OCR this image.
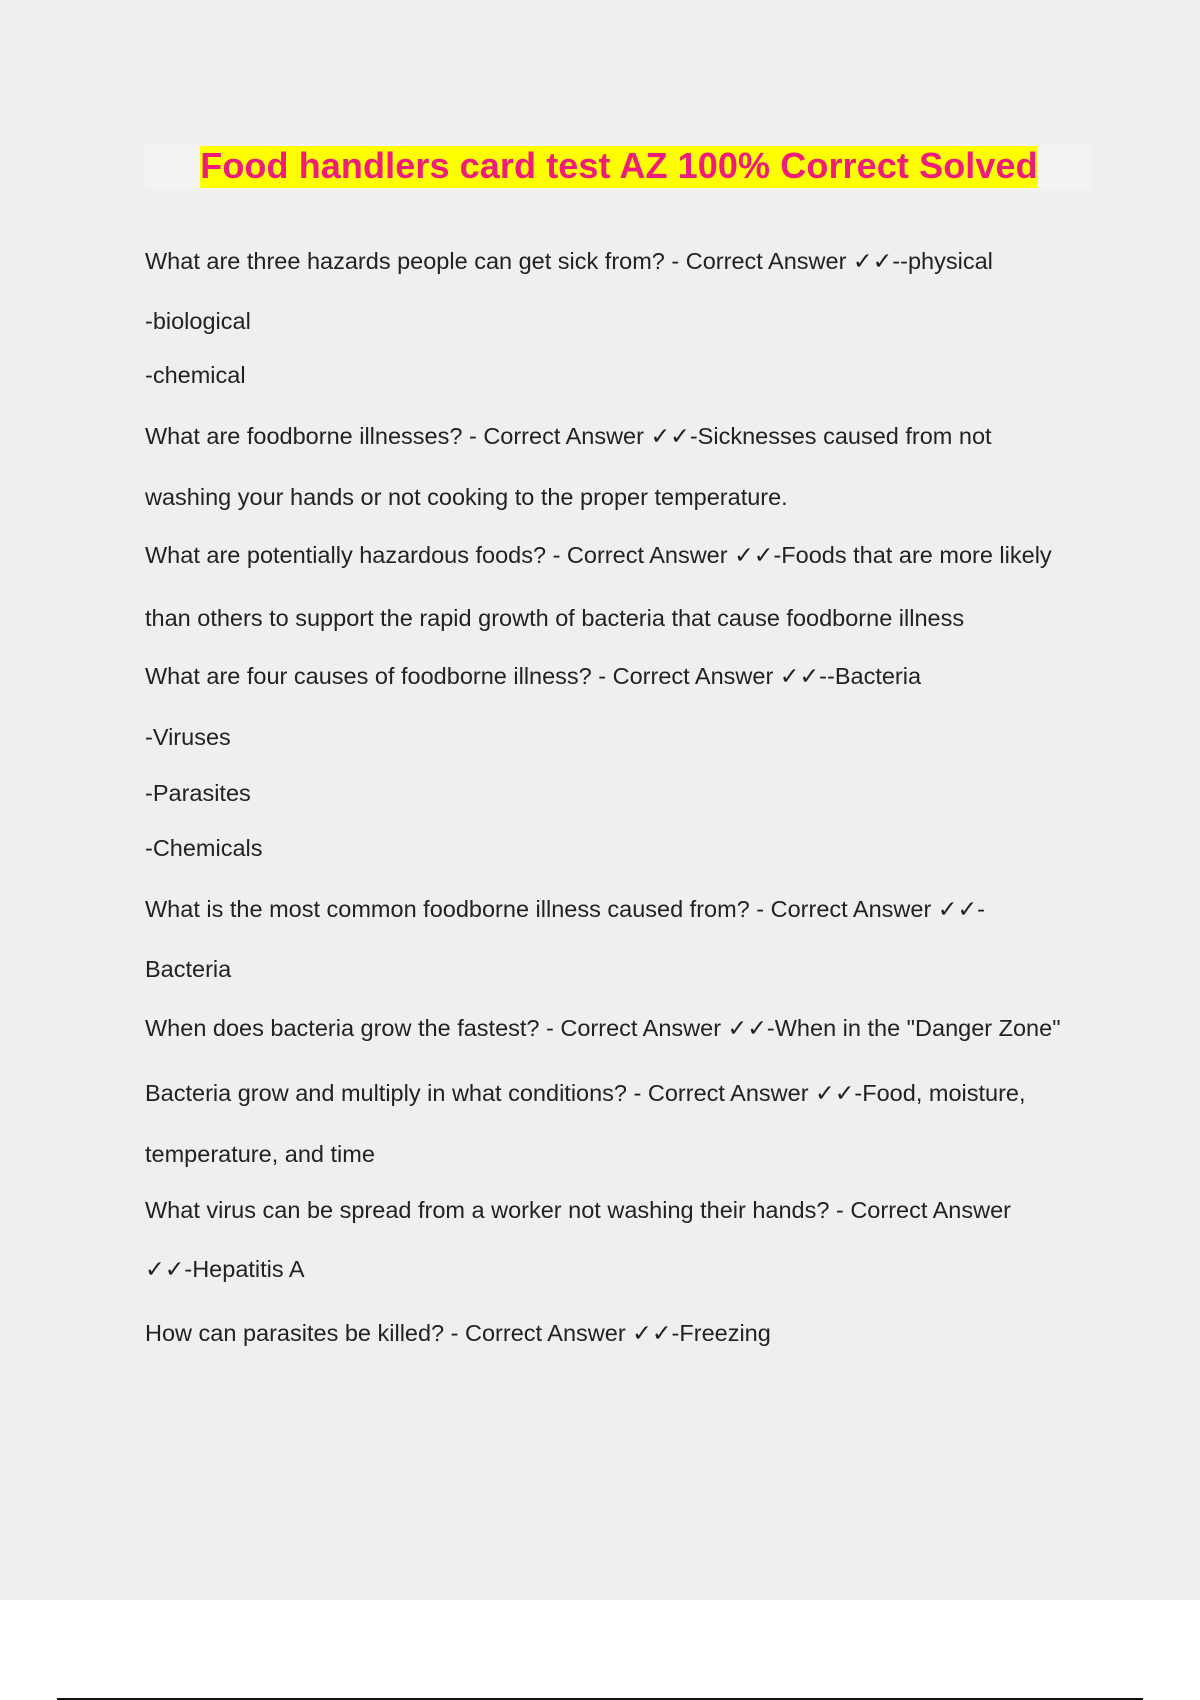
Food handlers card test AZ 100% Correct Solved
What are three hazards people can get sick from? - Correct Answer ✓✓--physical
-biological
-chemical
What are foodborne illnesses? - Correct Answer ✓✓-Sicknesses caused from not
washing your hands or not cooking to the proper temperature.
What are potentially hazardous foods? - Correct Answer ✓✓-Foods that are more likely
than others to support the rapid growth of bacteria that cause foodborne illness
What are four causes of foodborne illness? - Correct Answer ✓✓--Bacteria
-Viruses
-Parasites
-Chemicals
What is the most common foodborne illness caused from? - Correct Answer ✓✓-
Bacteria
When does bacteria grow the fastest? - Correct Answer ✓✓-When in the "Danger Zone"
Bacteria grow and multiply in what conditions? - Correct Answer ✓✓-Food, moisture,
temperature, and time
What virus can be spread from a worker not washing their hands? - Correct Answer
✓✓-Hepatitis A
How can parasites be killed? - Correct Answer ✓✓-Freezing
